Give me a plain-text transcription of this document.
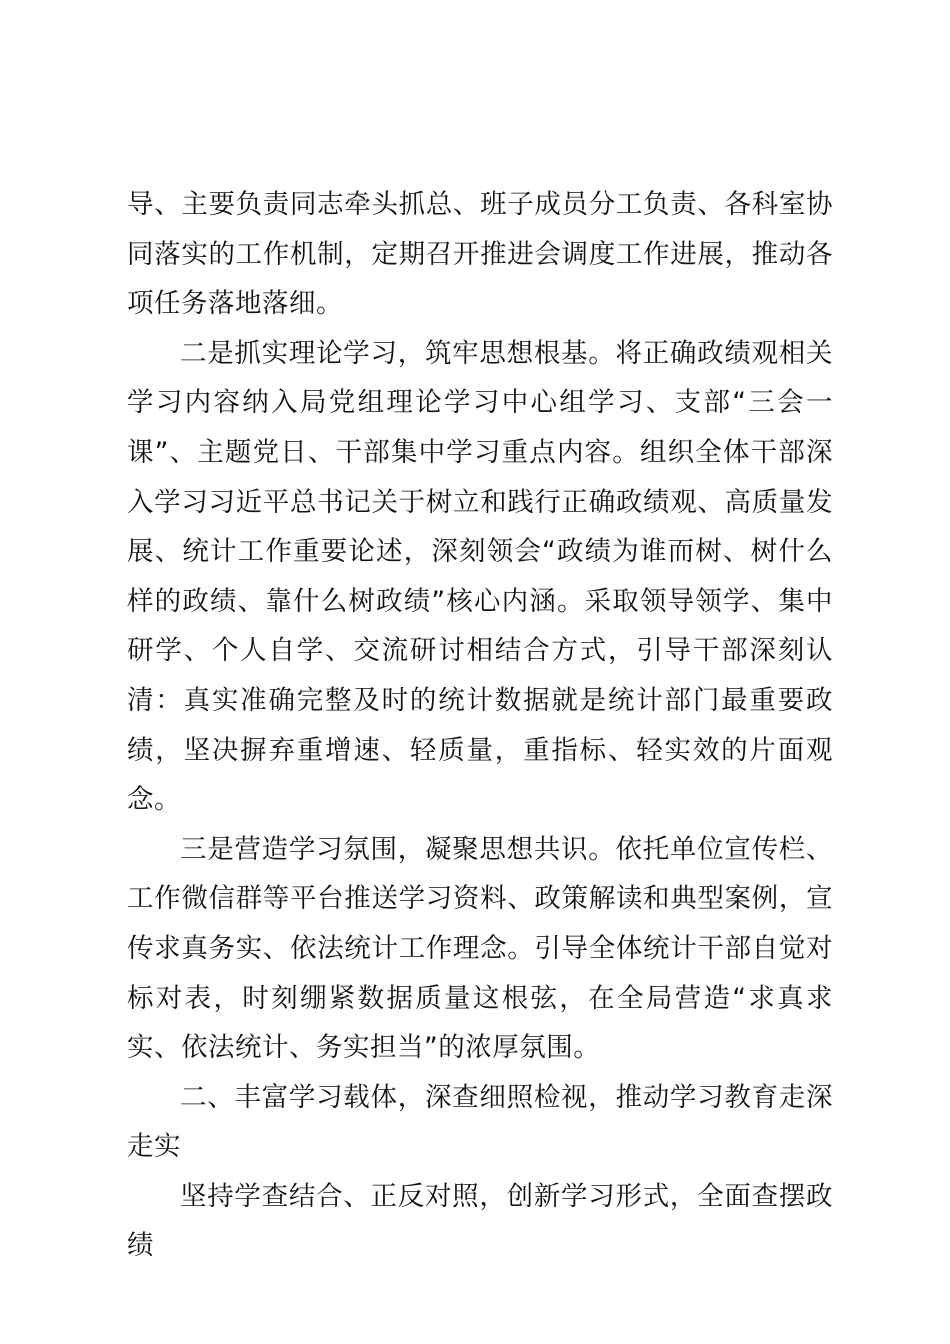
导、主要负责同志牵头抓总、班子成员分工负责、各科室协同落实的工作机制，定期召开推进会调度工作进展，推动各项任务落地落细。

二是抓实理论学习，筑牢思想根基。将正确政绩观相关学习内容纳入局党组理论学习中心组学习、支部“三会一课”、主题党日、干部集中学习重点内容。组织全体干部深入学习习近平总书记关于树立和践行正确政绩观、高质量发展、统计工作重要论述，深刻领会“政绩为谁而树、树什么样的政绩、靠什么树政绩”核心内涵。采取领导领学、集中研学、个人自学、交流研讨相结合方式，引导干部深刻认清：真实准确完整及时的统计数据就是统计部门最重要政绩，坚决摒弃重增速、轻质量，重指标、轻实效的片面观念。

三是营造学习氛围，凝聚思想共识。依托单位宣传栏、工作微信群等平台推送学习资料、政策解读和典型案例，宣传求真务实、依法统计工作理念。引导全体统计干部自觉对标对表，时刻绷紧数据质量这根弦，在全局营造“求真求实、依法统计、务实担当”的浓厚氛围。

二、丰富学习载体，深查细照检视，推动学习教育走深走实

坚持学查结合、正反对照，创新学习形式，全面查摆政绩
